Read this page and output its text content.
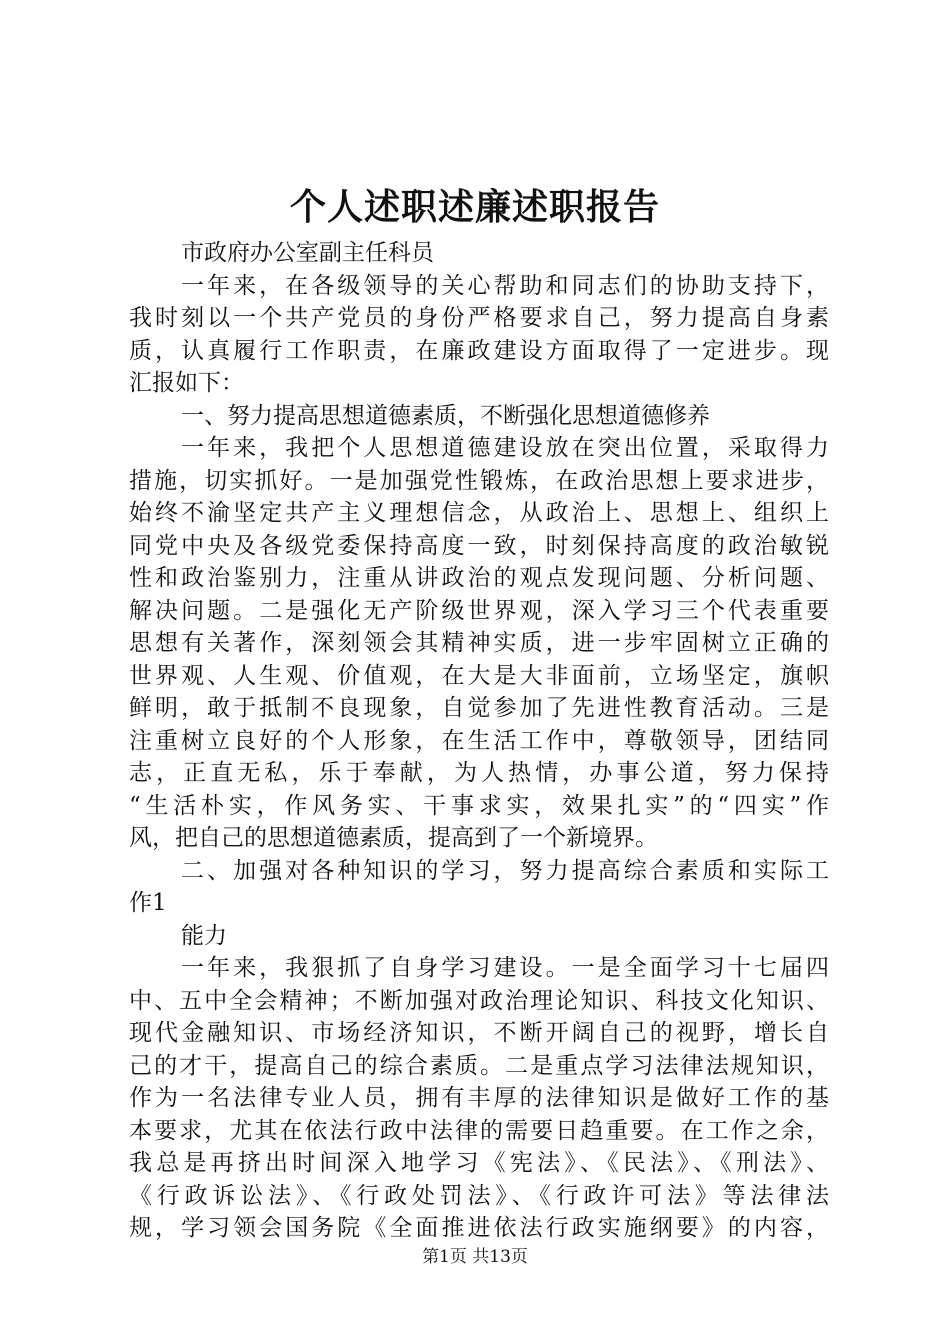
个人述职述廉述职报告
市政府办公室副主任科员
一年来，在各级领导的关心帮助和同志们的协助支持下，
我时刻以一个共产党员的身份严格要求自己，努力提高自身素
质，认真履行工作职责，在廉政建设方面取得了一定进步。现
汇报如下：
一、努力提高思想道德素质，不断强化思想道德修养
一年来，我把个人思想道德建设放在突出位置，采取得力
措施，切实抓好。一是加强党性锻炼，在政治思想上要求进步，
始终不渝坚定共产主义理想信念，从政治上、思想上、组织上
同党中央及各级党委保持高度一致，时刻保持高度的政治敏锐
性和政治鉴别力，注重从讲政治的观点发现问题、分析问题、
解决问题。二是强化无产阶级世界观，深入学习三个代表重要
思想有关著作，深刻领会其精神实质，进一步牢固树立正确的
世界观、人生观、价值观，在大是大非面前，立场坚定，旗帜
鲜明，敢于抵制不良现象，自觉参加了先进性教育活动。三是
注重树立良好的个人形象，在生活工作中，尊敬领导，团结同
志，正直无私，乐于奉献，为人热情，办事公道，努力保持
“生活朴实，作风务实、干事求实，效果扎实”的“四实”作
风，把自己的思想道德素质，提高到了一个新境界。
二、加强对各种知识的学习，努力提高综合素质和实际工
作1
能力
一年来，我狠抓了自身学习建设。一是全面学习十七届四
中、五中全会精神；不断加强对政治理论知识、科技文化知识、
现代金融知识、市场经济知识，不断开阔自己的视野，增长自
己的才干，提高自己的综合素质。二是重点学习法律法规知识，
作为一名法律专业人员，拥有丰厚的法律知识是做好工作的基
本要求，尤其在依法行政中法律的需要日趋重要。在工作之余，
我总是再挤出时间深入地学习《宪法》、《民法》、《刑法》、
《行政诉讼法》、《行政处罚法》、《行政许可法》等法律法
规，学习领会国务院《全面推进依法行政实施纲要》的内容，
第1页 共13页
